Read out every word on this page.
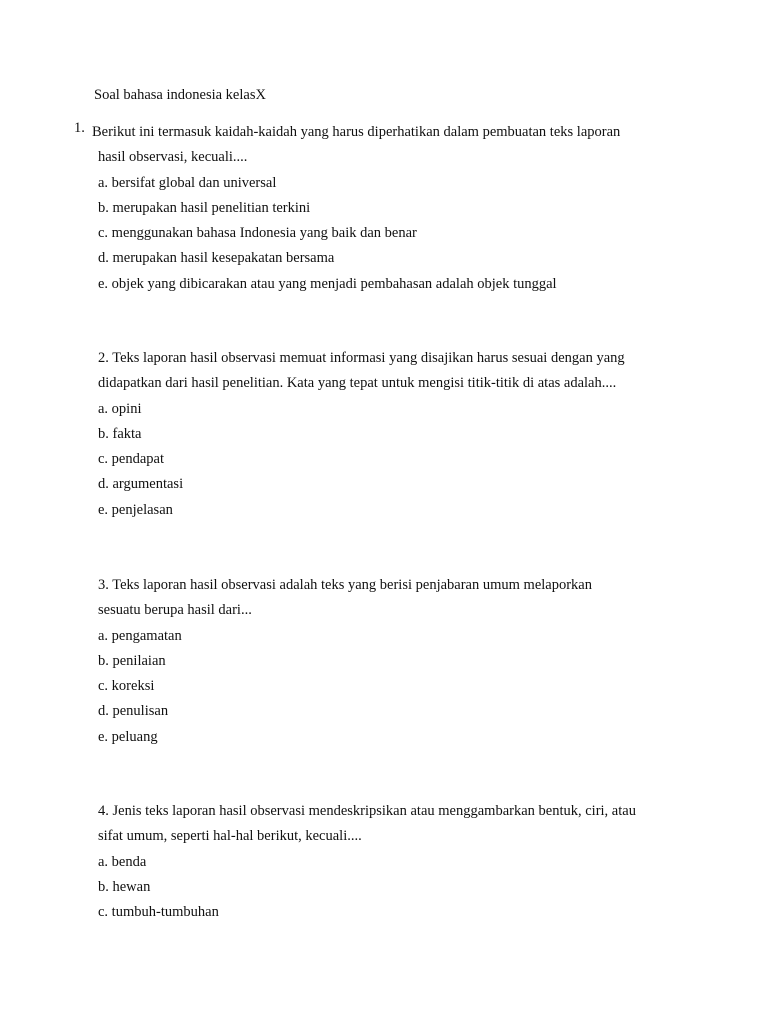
Soal bahasa indonesia kelasX
1. Berikut ini termasuk kaidah-kaidah yang harus diperhatikan dalam pembuatan teks laporan
hasil observasi, kecuali....
a. bersifat global dan universal
b. merupakan hasil penelitian terkini
c. menggunakan bahasa Indonesia yang baik dan benar
d. merupakan hasil kesepakatan bersama
e. objek yang dibicarakan atau yang menjadi pembahasan adalah objek tunggal
2. Teks laporan hasil observasi memuat informasi yang disajikan harus sesuai dengan yang
didapatkan dari hasil penelitian. Kata yang tepat untuk mengisi titik-titik di atas adalah....
a. opini
b. fakta
c. pendapat
d. argumentasi
e. penjelasan
3. Teks laporan hasil observasi adalah teks yang berisi penjabaran umum melaporkan
sesuatu berupa hasil dari...
a. pengamatan
b. penilaian
c. koreksi
d. penulisan
e. peluang
4. Jenis teks laporan hasil observasi mendeskripsikan atau menggambarkan bentuk, ciri, atau
sifat umum, seperti hal-hal berikut, kecuali....
a. benda
b. hewan
c. tumbuh-tumbuhan
